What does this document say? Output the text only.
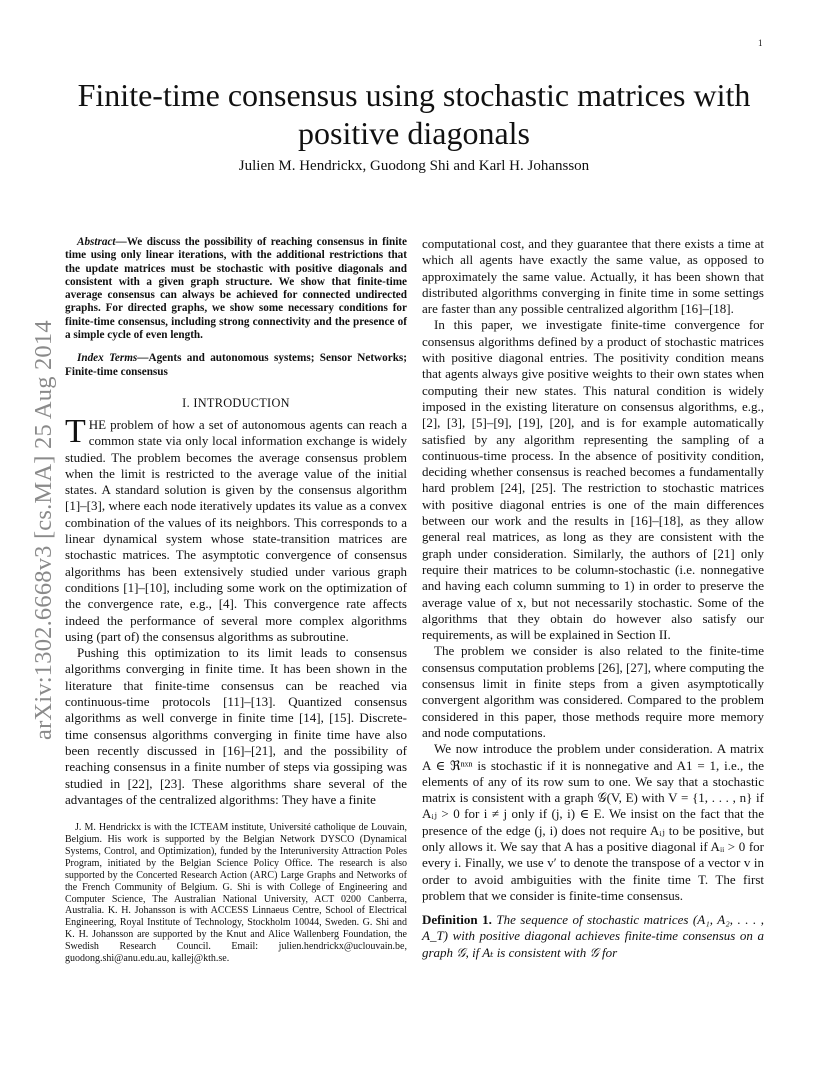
1
arXiv:1302.6668v3 [cs.MA] 25 Aug 2014
Finite-time consensus using stochastic matrices with positive diagonals
Julien M. Hendrickx, Guodong Shi and Karl H. Johansson

Abstract—We discuss the possibility of reaching consensus in finite time using only linear iterations, with the additional restrictions that the update matrices must be stochastic with positive diagonals and consistent with a given graph structure. We show that finite-time average consensus can always be achieved for connected undirected graphs. For directed graphs, we show some necessary conditions for finite-time consensus, including strong connectivity and the presence of a simple cycle of even length.

Index Terms—Agents and autonomous systems; Sensor Networks; Finite-time consensus

I. INTRODUCTION

THE problem of how a set of autonomous agents can reach a common state via only local information exchange is widely studied. The problem becomes the average consensus problem when the limit is restricted to the average value of the initial states. A standard solution is given by the consensus algorithm [1]–[3], where each node iteratively updates its value as a convex combination of the values of its neighbors. This corresponds to a linear dynamical system whose state-transition matrices are stochastic matrices. The asymptotic convergence of consensus algorithms has been extensively studied under various graph conditions [1]–[10], including some work on the optimization of the convergence rate, e.g., [4]. This convergence rate affects indeed the performance of several more complex algorithms using (part of) the consensus algorithms as subroutine.

Pushing this optimization to its limit leads to consensus algorithms converging in finite time. It has been shown in the literature that finite-time consensus can be reached via continuous-time protocols [11]–[13]. Quantized consensus algorithms as well converge in finite time [14], [15]. Discrete-time consensus algorithms converging in finite time have also been recently discussed in [16]–[21], and the possibility of reaching consensus in a finite number of steps via gossiping was studied in [22], [23]. These algorithms share several of the advantages of the centralized algorithms: They have a finite

J. M. Hendrickx is with the ICTEAM institute, Université catholique de Louvain, Belgium. His work is supported by the Belgian Network DYSCO (Dynamical Systems, Control, and Optimization), funded by the Interuniversity Attraction Poles Program, initiated by the Belgian Science Policy Office. The research is also supported by the Concerted Research Action (ARC) Large Graphs and Networks of the French Community of Belgium. G. Shi is with College of Engineering and Computer Science, The Australian National University, ACT 0200 Canberra, Australia. K. H. Johansson is with ACCESS Linnaeus Centre, School of Electrical Engineering, Royal Institute of Technology, Stockholm 10044, Sweden. G. Shi and K. H. Johansson are supported by the Knut and Alice Wallenberg Foundation, the Swedish Research Council. Email: julien.hendrickx@uclouvain.be, guodong.shi@anu.edu.au, kallej@kth.se.

computational cost, and they guarantee that there exists a time at which all agents have exactly the same value, as opposed to approximately the same value. Actually, it has been shown that distributed algorithms converging in finite time in some settings are faster than any possible centralized algorithm [16]–[18].

In this paper, we investigate finite-time convergence for consensus algorithms defined by a product of stochastic matrices with positive diagonal entries. The positivity condition means that agents always give positive weights to their own states when computing their new states. This natural condition is widely imposed in the existing literature on consensus algorithms, e.g., [2], [3], [5]–[9], [19], [20], and is for example automatically satisfied by any algorithm representing the sampling of a continuous-time process. In the absence of positivity condition, deciding whether consensus is reached becomes a fundamentally hard problem [24], [25]. The restriction to stochastic matrices with positive diagonal entries is one of the main differences between our work and the results in [16]–[18], as they allow general real matrices, as long as they are consistent with the graph under consideration. Similarly, the authors of [21] only require their matrices to be column-stochastic (i.e. nonnegative and having each column summing to 1) in order to preserve the average value of x, but not necessarily stochastic. Some of the algorithms that they obtain do however also satisfy our requirements, as will be explained in Section II.

The problem we consider is also related to the finite-time consensus computation problems [26], [27], where computing the consensus limit in finite steps from a given asymptotically convergent algorithm was considered. Compared to the problem considered in this paper, those methods require more memory and node computations.

We now introduce the problem under consideration. A matrix A ∈ ℜⁿˣⁿ is stochastic if it is nonnegative and A1 = 1, i.e., the elements of any of its row sum to one. We say that a stochastic matrix is consistent with a graph 𝒢(V, E) with V = {1, . . . , n} if Aᵢⱼ > 0 for i ≠ j only if (j, i) ∈ E. We insist on the fact that the presence of the edge (j, i) does not require Aᵢⱼ to be positive, but only allows it. We say that A has a positive diagonal if Aᵢᵢ > 0 for every i. Finally, we use v′ to denote the transpose of a vector v in order to avoid ambiguities with the finite time T. The first problem that we consider is finite-time consensus.

Definition 1. The sequence of stochastic matrices (A₁, A₂, . . . , A_T) with positive diagonal achieves finite-time consensus on a graph 𝒢, if Aₜ is consistent with 𝒢 for
